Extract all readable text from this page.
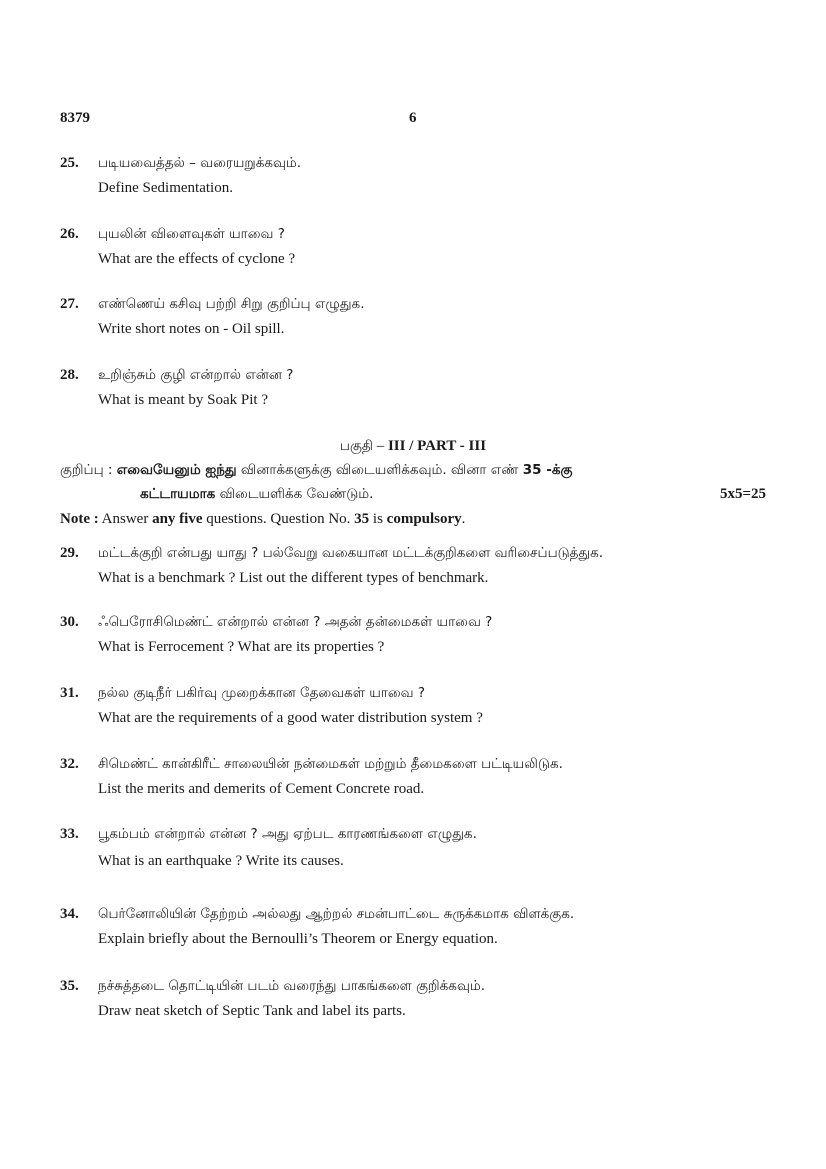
8379	6
25. படியவைத்தல் – வரையறுக்கவும்.
Define Sedimentation.
26. புயலின் விளைவுகள் யாவை ?
What are the effects of cyclone ?
27. எண்ணெய் கசிவு பற்றி சிறு குறிப்பு எழுதுக.
Write short notes on - Oil spill.
28. உறிஞ்சும் குழி என்றால் என்ன ?
What is meant by Soak Pit ?
பகுதி – III / PART - III
குறிப்பு : எவையேனும் ஐந்து வினாக்களுக்கு விடையளிக்கவும். வினா எண் 35 -க்கு
கட்டாயமாக விடையளிக்க வேண்டும்.	5x5=25
Note : Answer any five questions. Question No. 35 is compulsory.
29. மட்டக்குறி என்பது யாது ? பல்வேறு வகையான மட்டக்குறிகளை வரிசைப்படுத்துக.
What is a benchmark ? List out the different types of benchmark.
30. ஃபெரோசிமெண்ட் என்றால் என்ன ? அதன் தன்மைகள் யாவை ?
What is Ferrocement ? What are its properties ?
31. நல்ல குடிநீர் பகிர்வு முறைக்கான தேவைகள் யாவை ?
What are the requirements of a good water distribution system ?
32. சிமெண்ட் கான்கிரீட் சாலையின் நன்மைகள் மற்றும் தீமைகளை பட்டியலிடுக.
List the merits and demerits of Cement Concrete road.
33. பூகம்பம் என்றால் என்ன ? அது ஏற்பட காரணங்களை எழுதுக.
What is an earthquake ? Write its causes.
34. பெர்னோலியின் தேற்றம் அல்லது ஆற்றல் சமன்பாட்டை சுருக்கமாக விளக்குக.
Explain briefly about the Bernoulli’s Theorem or Energy equation.
35. நச்சுத்தடை தொட்டியின் படம் வரைந்து பாகங்களை குறிக்கவும்.
Draw neat sketch of Septic Tank and label its parts.
